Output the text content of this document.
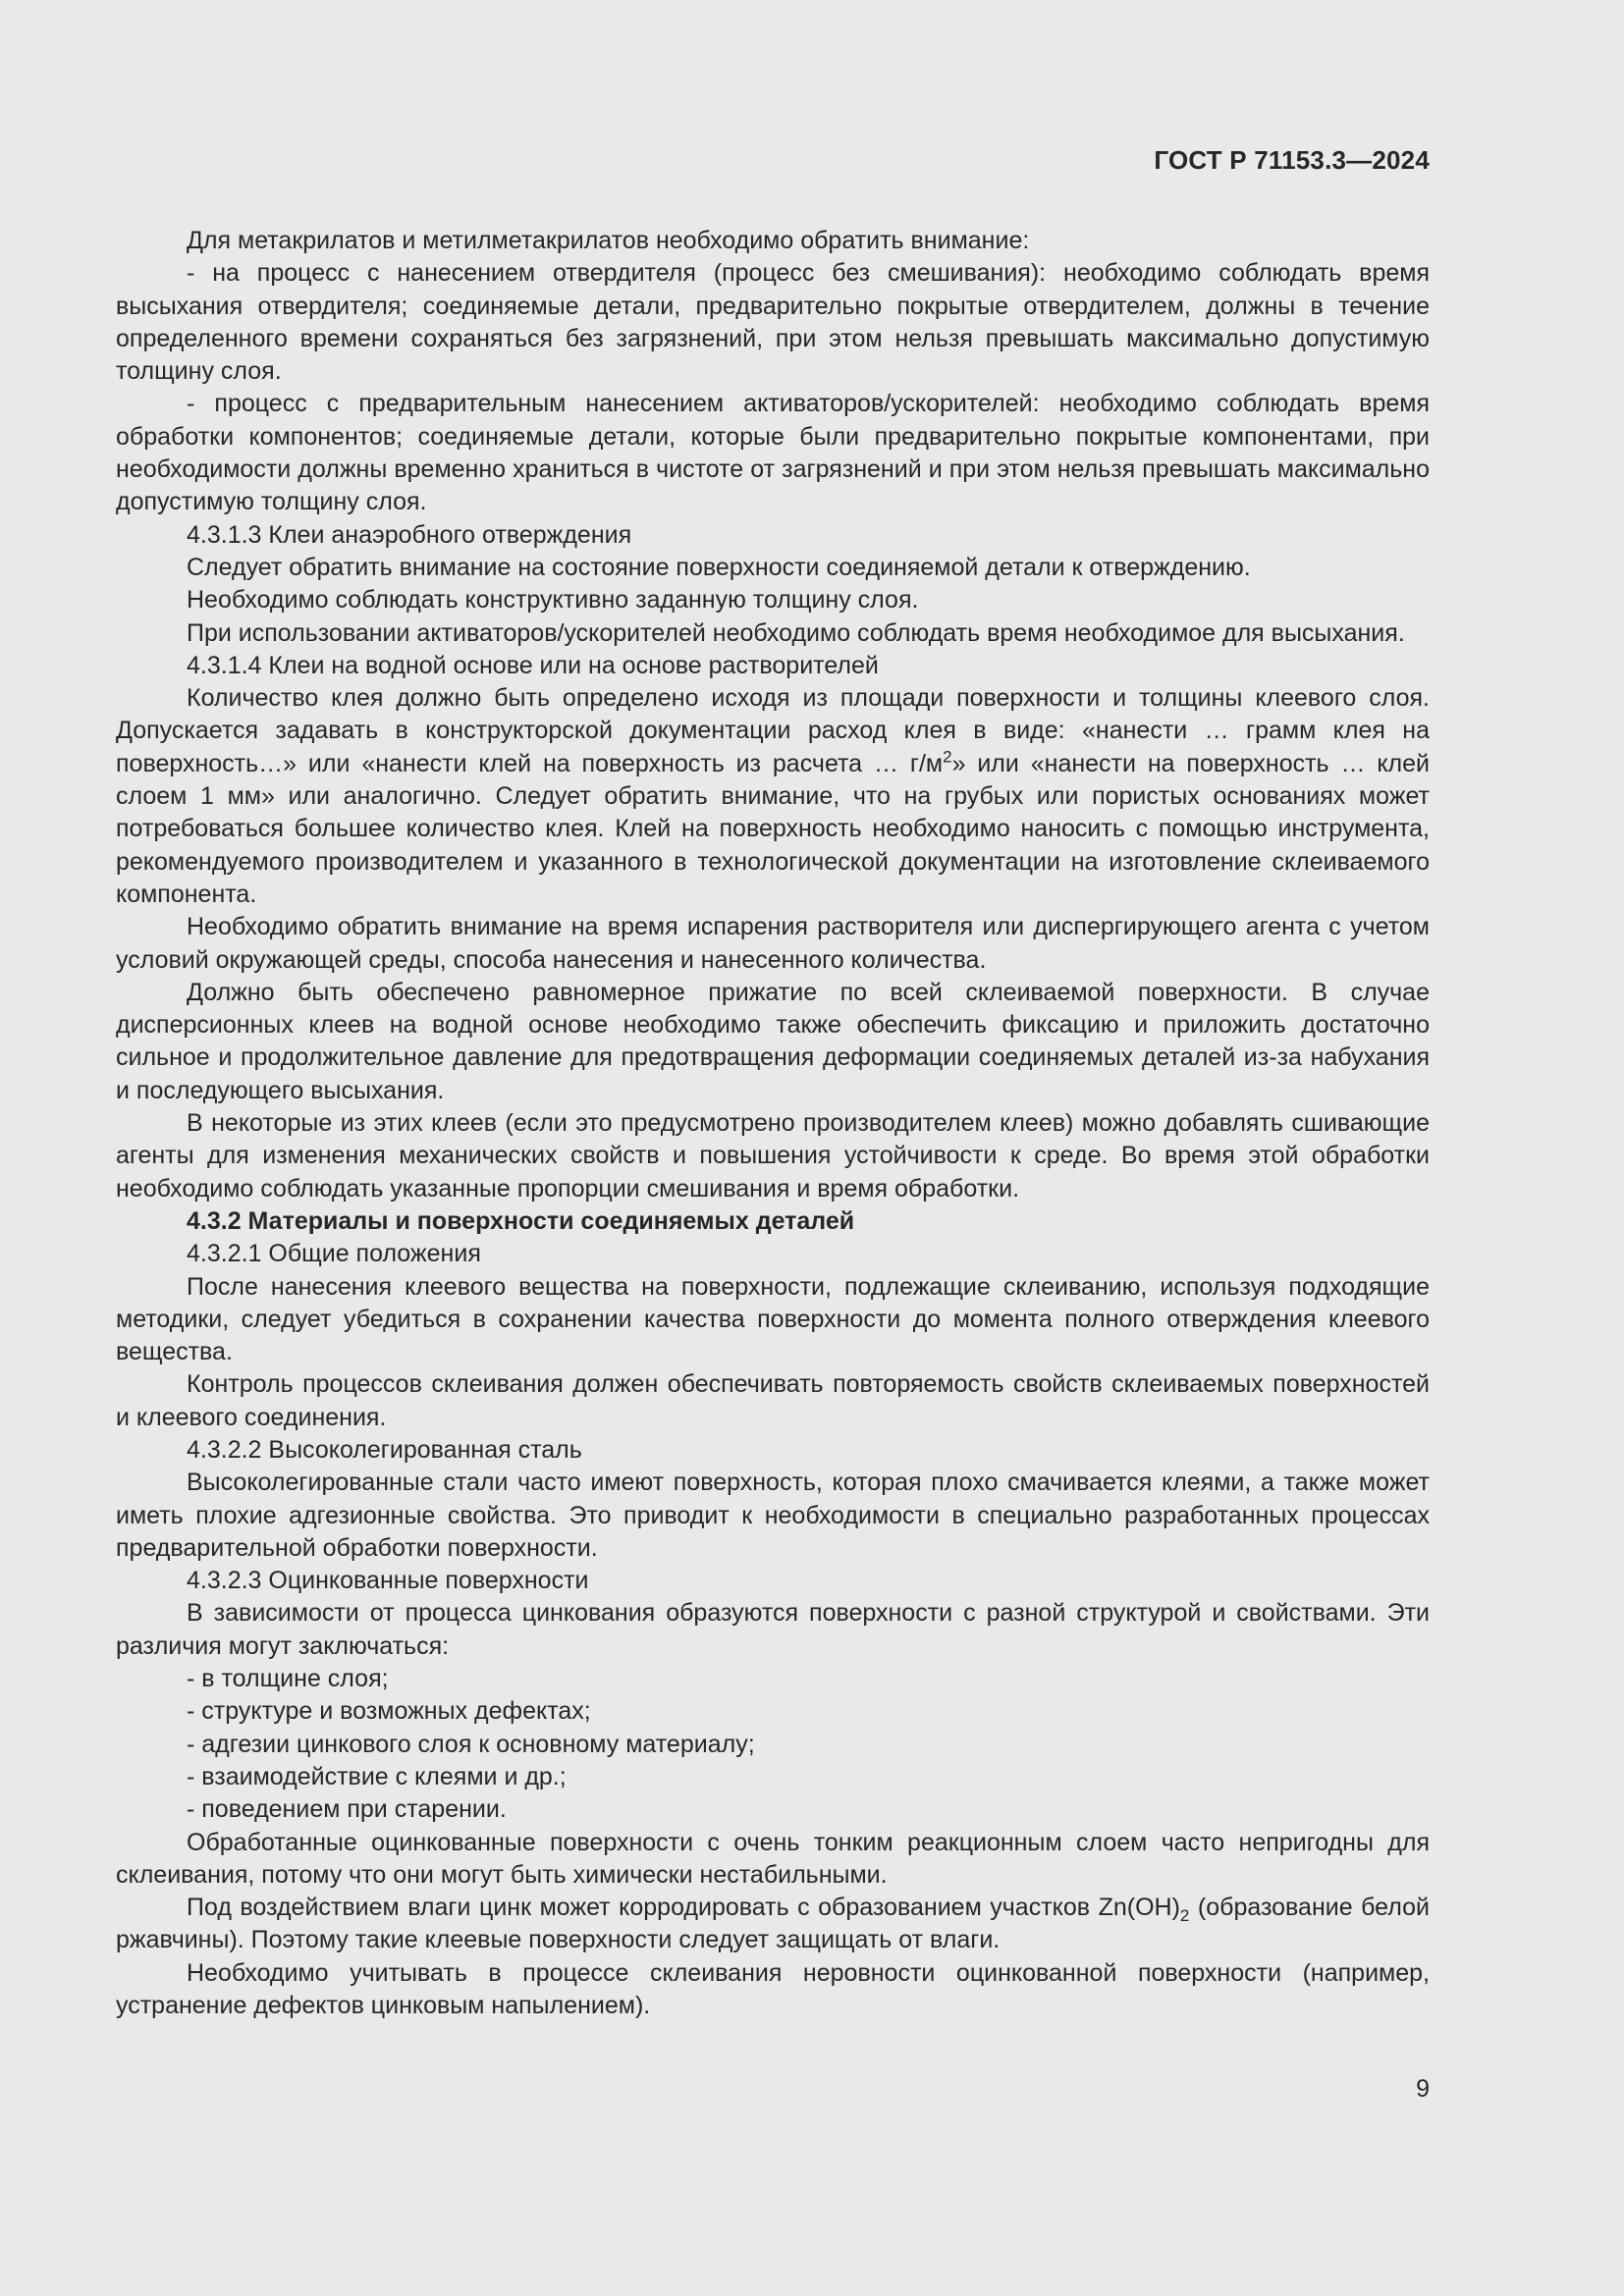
ГОСТ Р 71153.3—2024

Для метакрилатов и метилметакрилатов необходимо обратить внимание:

- на процесс с нанесением отвердителя (процесс без смешивания): необходимо соблюдать время высыхания отвердителя; соединяемые детали, предварительно покрытые отвердителем, должны в течение определенного времени сохраняться без загрязнений, при этом нельзя превышать максимально допустимую толщину слоя.

- процесс с предварительным нанесением активаторов/ускорителей: необходимо соблюдать время обработки компонентов; соединяемые детали, которые были предварительно покрытые компонентами, при необходимости должны временно храниться в чистоте от загрязнений и при этом нельзя превышать максимально допустимую толщину слоя.

4.3.1.3 Клеи анаэробного отверждения

Следует обратить внимание на состояние поверхности соединяемой детали к отверждению.

Необходимо соблюдать конструктивно заданную толщину слоя.

При использовании активаторов/ускорителей необходимо соблюдать время необходимое для высыхания.

4.3.1.4 Клеи на водной основе или на основе растворителей

Количество клея должно быть определено исходя из площади поверхности и толщины клеевого слоя. Допускается задавать в конструкторской документации расход клея в виде: «нанести … грамм клея на поверхность…» или «нанести клей на поверхность из расчета … $г/м^2$» или «нанести на поверхность … клей слоем 1 мм» или аналогично. Следует обратить внимание, что на грубых или пористых основаниях может потребоваться большее количество клея. Клей на поверхность необходимо наносить с помощью инструмента, рекомендуемого производителем и указанного в технологической документации на изготовление склеиваемого компонента.

Необходимо обратить внимание на время испарения растворителя или диспергирующего агента с учетом условий окружающей среды, способа нанесения и нанесенного количества.

Должно быть обеспечено равномерное прижатие по всей склеиваемой поверхности. В случае дисперсионных клеев на водной основе необходимо также обеспечить фиксацию и приложить достаточно сильное и продолжительное давление для предотвращения деформации соединяемых деталей из-за набухания и последующего высыхания.

В некоторые из этих клеев (если это предусмотрено производителем клеев) можно добавлять сшивающие агенты для изменения механических свойств и повышения устойчивости к среде. Во время этой обработки необходимо соблюдать указанные пропорции смешивания и время обработки.

4.3.2 Материалы и поверхности соединяемых деталей

4.3.2.1 Общие положения

После нанесения клеевого вещества на поверхности, подлежащие склеиванию, используя подходящие методики, следует убедиться в сохранении качества поверхности до момента полного отверждения клеевого вещества.

Контроль процессов склеивания должен обеспечивать повторяемость свойств склеиваемых поверхностей и клеевого соединения.

4.3.2.2 Высоколегированная сталь

Высоколегированные стали часто имеют поверхность, которая плохо смачивается клеями, а также может иметь плохие адгезионные свойства. Это приводит к необходимости в специально разработанных процессах предварительной обработки поверхности.

4.3.2.3 Оцинкованные поверхности

В зависимости от процесса цинкования образуются поверхности с разной структурой и свойствами. Эти различия могут заключаться:

- в толщине слоя;

- структуре и возможных дефектах;

- адгезии цинкового слоя к основному материалу;

- взаимодействие с клеями и др.;

- поведением при старении.

Обработанные оцинкованные поверхности с очень тонким реакционным слоем часто непригодны для склеивания, потому что они могут быть химически нестабильными.

Под воздействием влаги цинк может корродировать с образованием участков $Zn(OH)_2$ (образование белой ржавчины). Поэтому такие клеевые поверхности следует защищать от влаги.

Необходимо учитывать в процессе склеивания неровности оцинкованной поверхности (например, устранение дефектов цинковым напылением).

9
